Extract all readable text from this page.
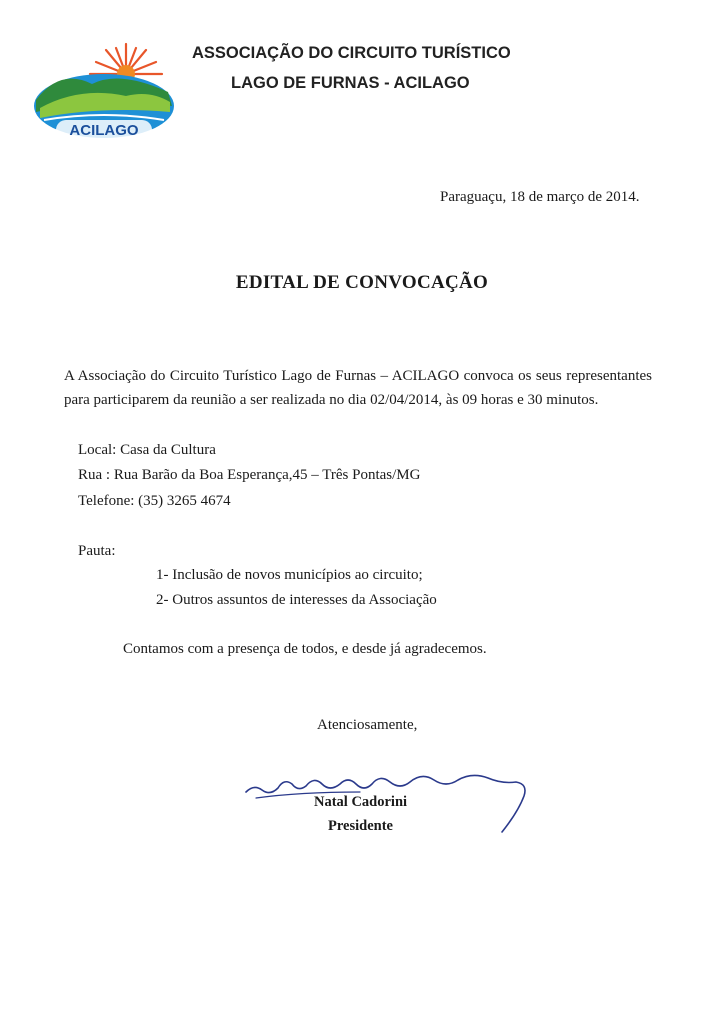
ACILAGO
ASSOCIAÇÃO DO CIRCUITO TURÍSTICO
LAGO DE FURNAS - ACILAGO
Paraguaçu, 18 de março de 2014.
EDITAL DE CONVOCAÇÃO
A Associação do Circuito Turístico Lago de Furnas – ACILAGO convoca os seus representantes
para participarem da reunião a ser realizada no dia 02/04/2014, às 09 horas e 30 minutos.
Local: Casa da Cultura
Rua : Rua Barão da Boa Esperança,45 – Três Pontas/MG
Telefone: (35) 3265 4674
Pauta:
1- Inclusão de novos municípios ao circuito;
2- Outros assuntos de interesses da Associação
Contamos com a presença de todos, e desde já agradecemos.
Atenciosamente,
Natal Cadorini
Presidente
